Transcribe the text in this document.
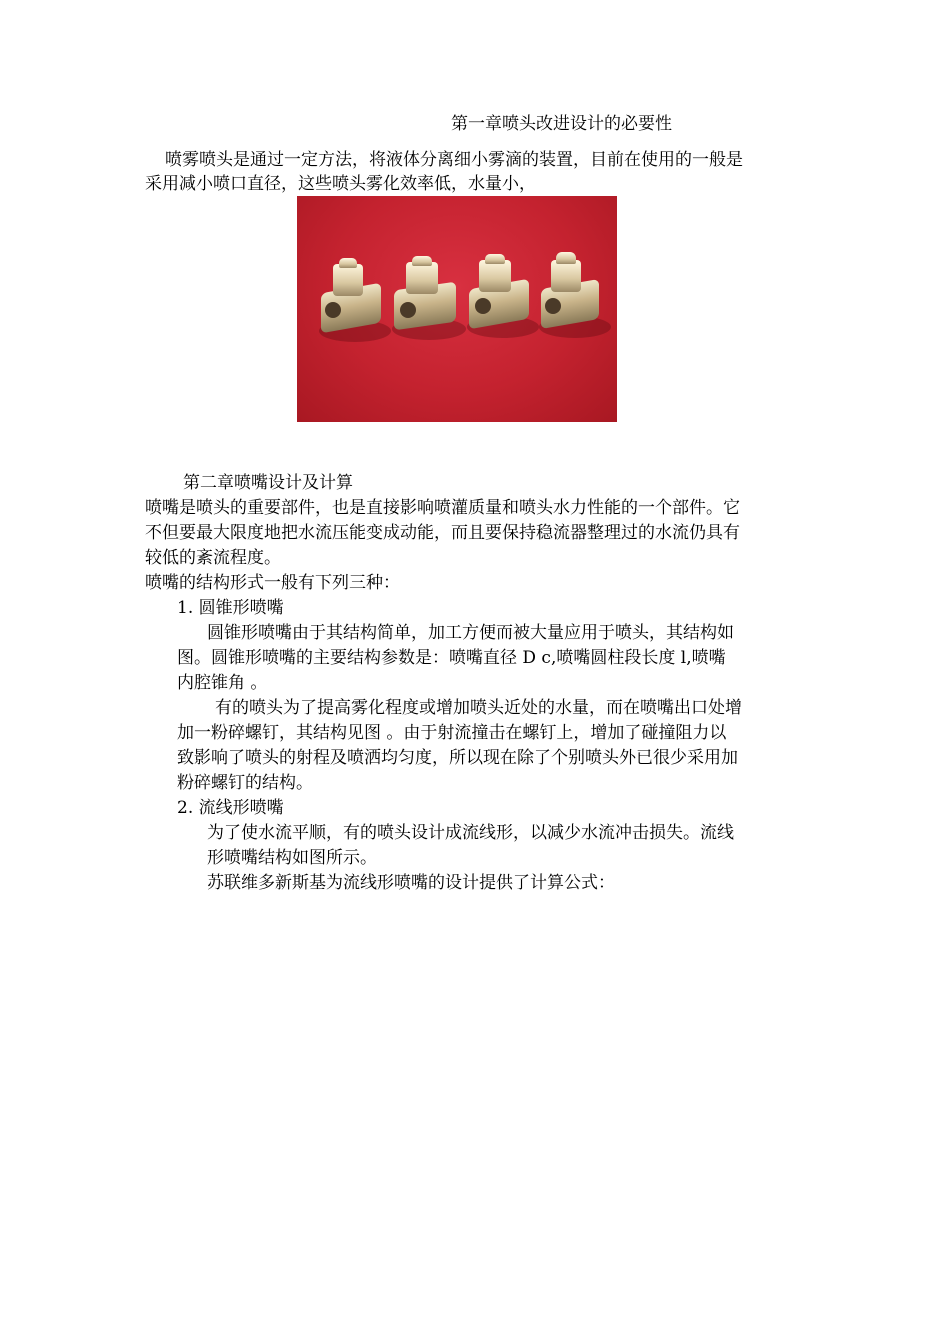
第一章喷头改进设计的必要性
喷雾喷头是通过一定方法，将液体分离细小雾滴的装置，目前在使用的一般是
采用减小喷口直径，这些喷头雾化效率低，水量小，
第二章喷嘴设计及计算
喷嘴是喷头的重要部件，也是直接影响喷灌质量和喷头水力性能的一个部件。它
不但要最大限度地把水流压能变成动能，而且要保持稳流器整理过的水流仍具有
较低的紊流程度。
喷嘴的结构形式一般有下列三种：
1. 圆锥形喷嘴
圆锥形喷嘴由于其结构简单，加工方便而被大量应用于喷头，其结构如
图。圆锥形喷嘴的主要结构参数是：喷嘴直径 D c,喷嘴圆柱段长度 l,喷嘴
内腔锥角 。
有的喷头为了提高雾化程度或增加喷头近处的水量，而在喷嘴出口处增
加一粉碎螺钉，其结构见图 。由于射流撞击在螺钉上，增加了碰撞阻力以
致影响了喷头的射程及喷洒均匀度，所以现在除了个别喷头外已很少采用加
粉碎螺钉的结构。
2. 流线形喷嘴
为了使水流平顺，有的喷头设计成流线形，以减少水流冲击损失。流线
形喷嘴结构如图所示。
苏联维多新斯基为流线形喷嘴的设计提供了计算公式：
